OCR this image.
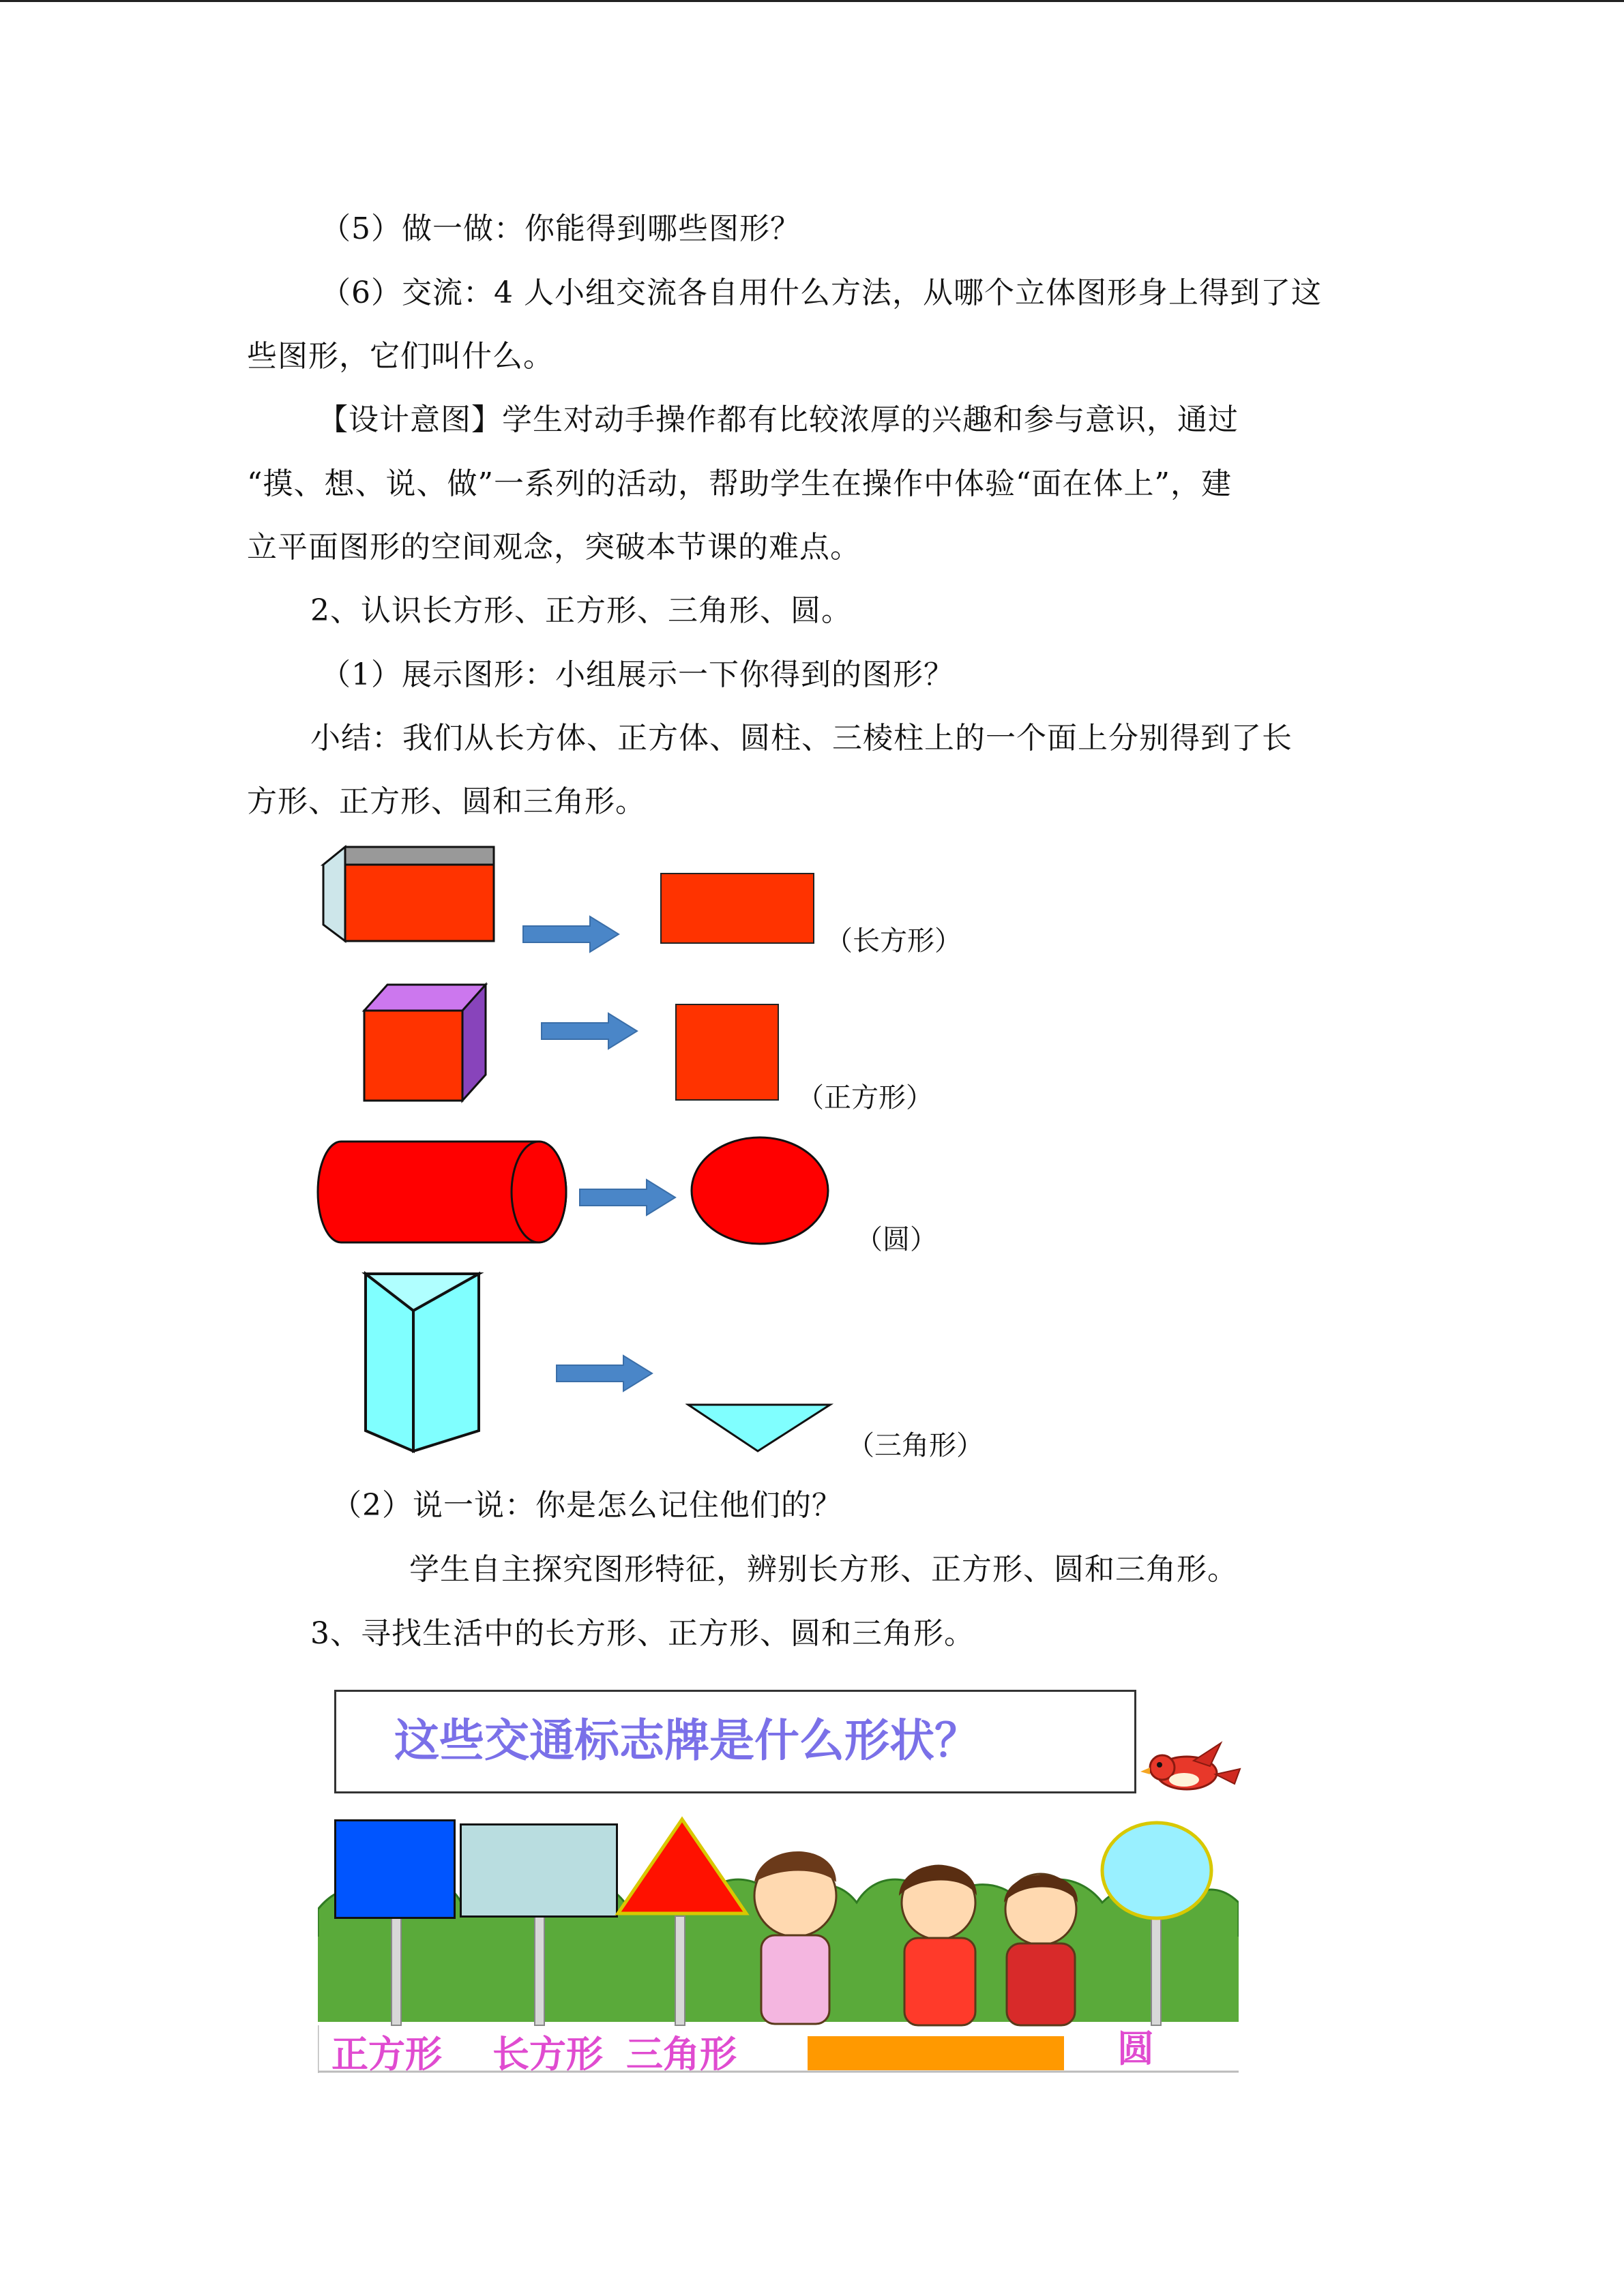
（5）做一做：你能得到哪些图形？
（6）交流：4 人小组交流各自用什么方法，从哪个立体图形身上得到了这
些图形，它们叫什么。
【设计意图】学生对动手操作都有比较浓厚的兴趣和参与意识，通过
“摸、想、说、做”一系列的活动，帮助学生在操作中体验“面在体上”，建
立平面图形的空间观念，突破本节课的难点。
2、认识长方形、正方形、三角形、圆。
（1）展示图形：小组展示一下你得到的图形？
小结：我们从长方体、正方体、圆柱、三棱柱上的一个面上分别得到了长
方形、正方形、圆和三角形。
（长方形）
（正方形）
（圆）
（三角形）
（2）说一说：你是怎么记住他们的？
学生自主探究图形特征，辨别长方形、正方形、圆和三角形。
3、寻找生活中的长方形、正方形、圆和三角形。
这些交通标志牌是什么形状？
正方形 长方形 三角形	圆
